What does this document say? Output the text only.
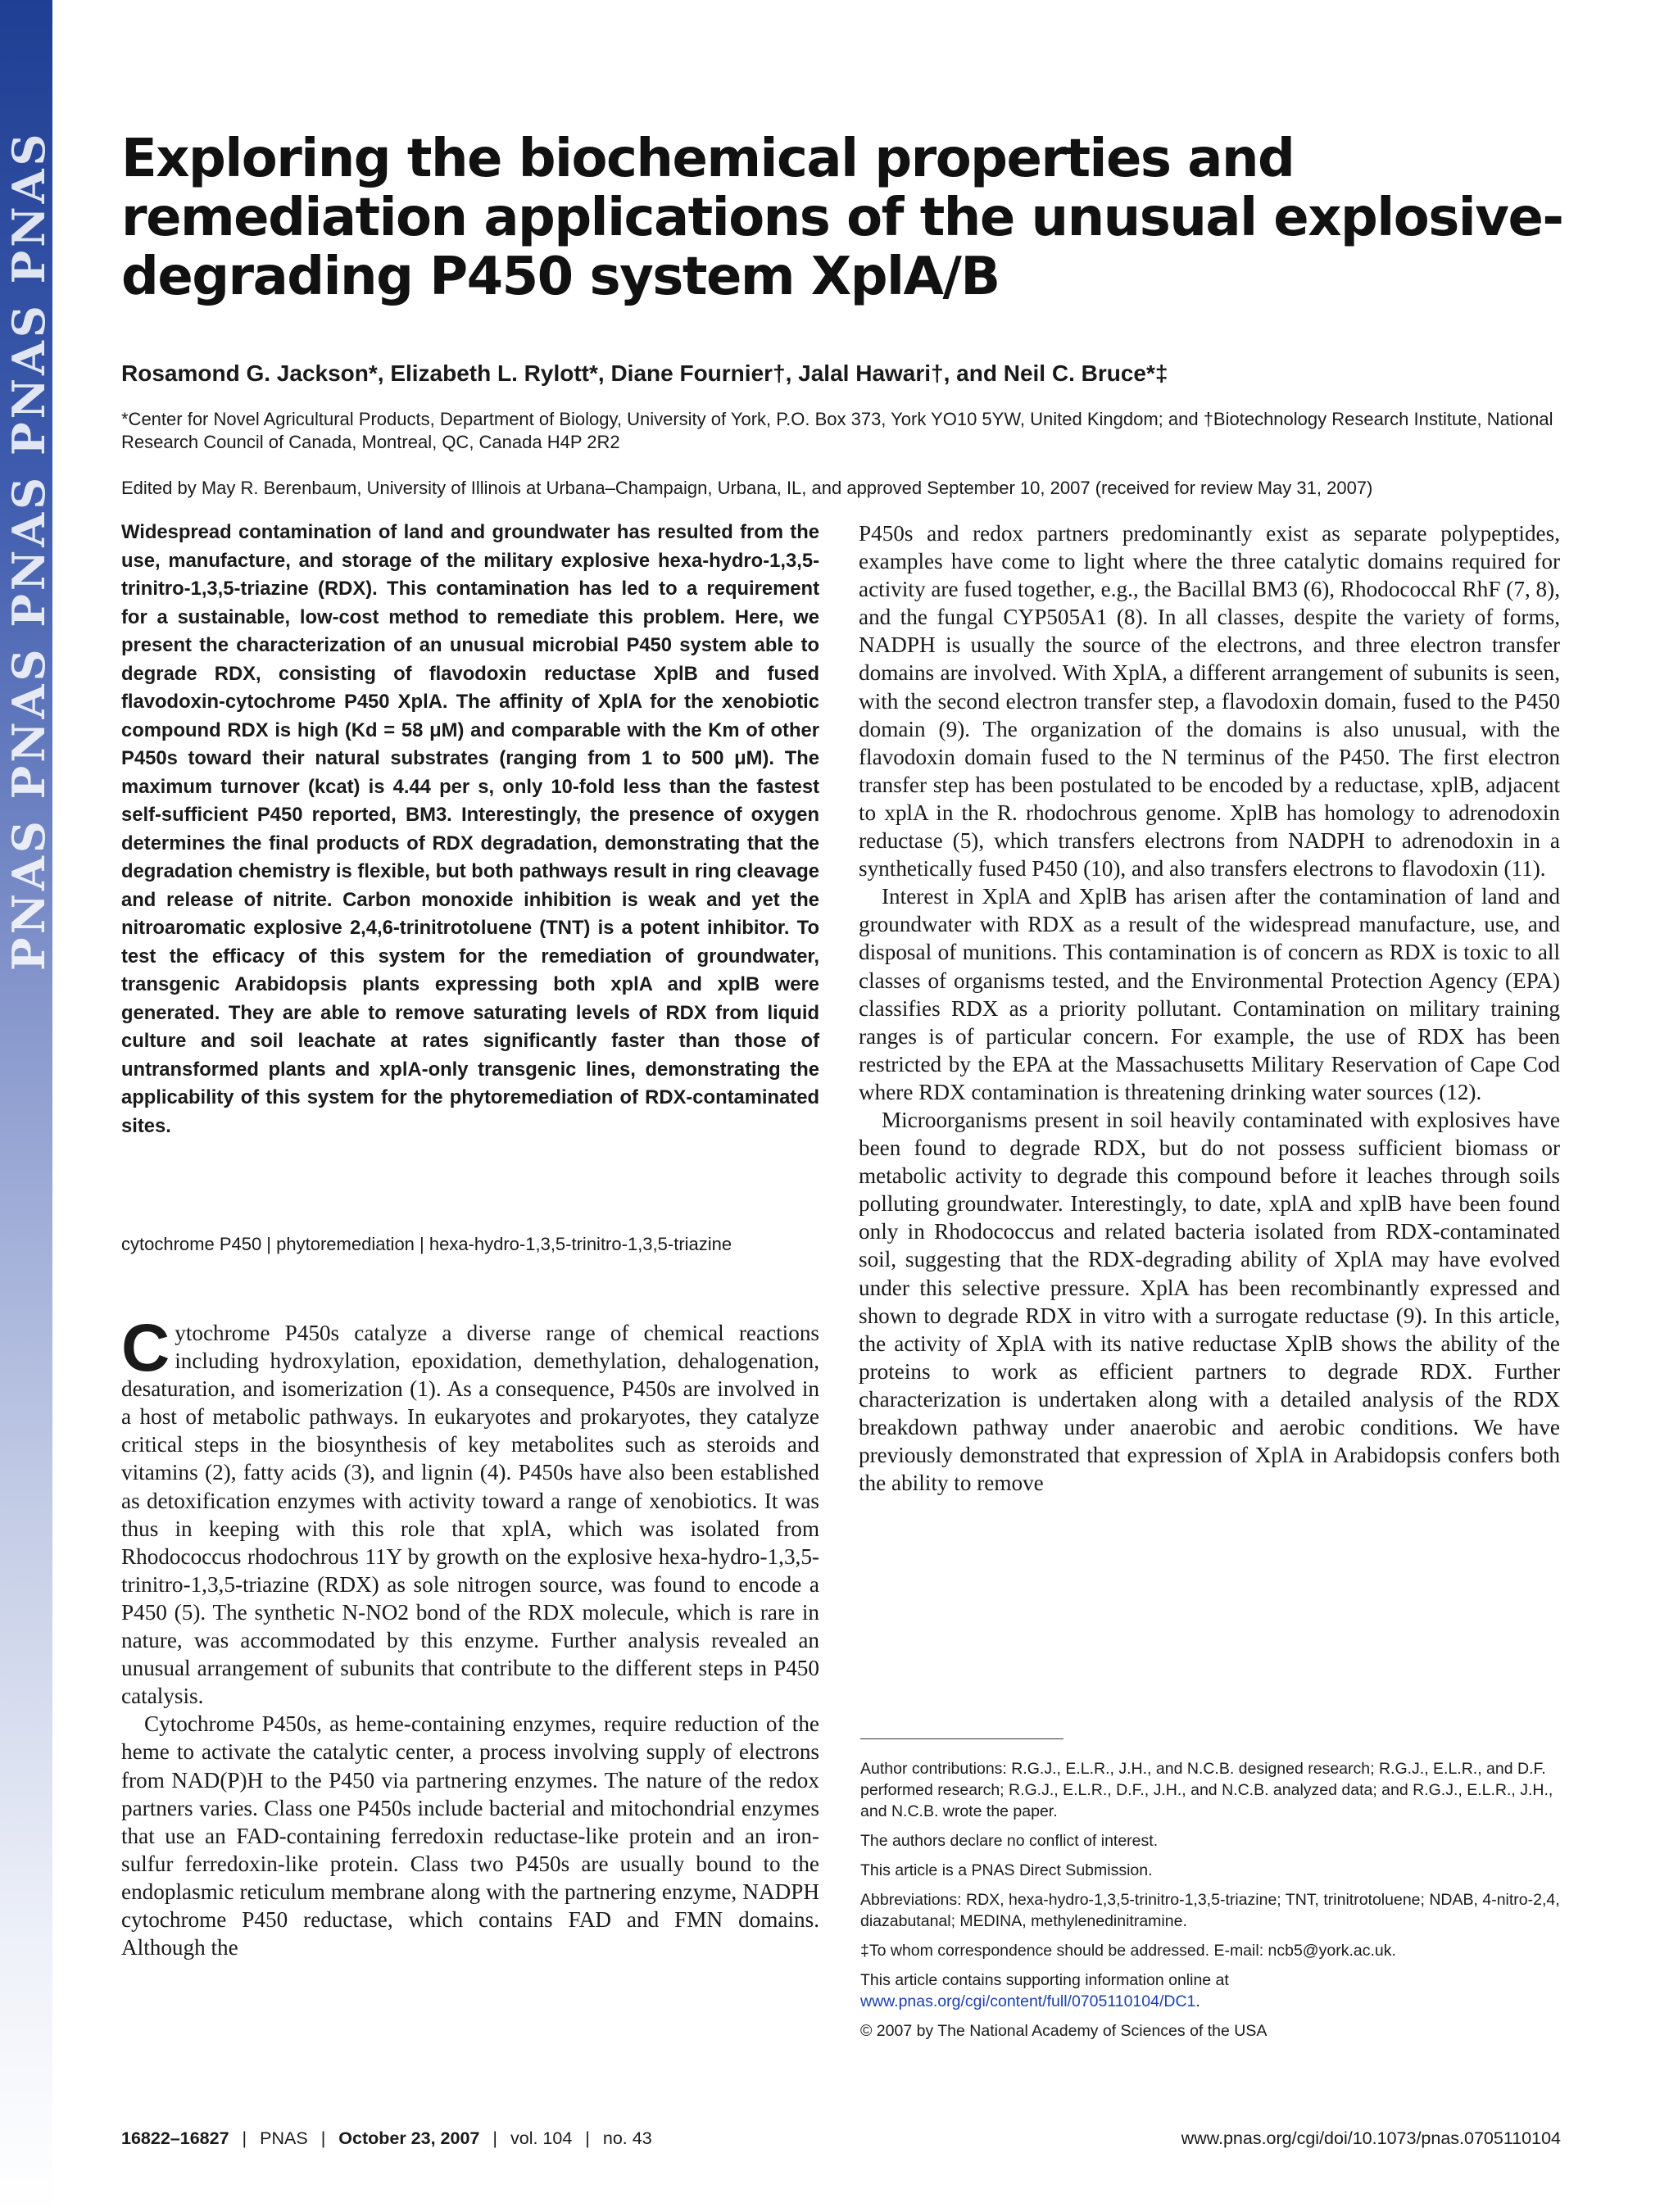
PNAS PNAS PNAS PNAS PNAS Exploring the biochemical properties and remediation applications of the unusual explosive-degrading P450 system XplA/B
Rosamond G. Jackson*, Elizabeth L. Rylott*, Diane Fournier†, Jalal Hawari†, and Neil C. Bruce*‡
*Center for Novel Agricultural Products, Department of Biology, University of York, P.O. Box 373, York YO10 5YW, United Kingdom; and †Biotechnology Research Institute, National Research Council of Canada, Montreal, QC, Canada H4P 2R2
Edited by May R. Berenbaum, University of Illinois at Urbana–Champaign, Urbana, IL, and approved September 10, 2007 (received for review May 31, 2007)
Widespread contamination of land and groundwater has resulted from the use, manufacture, and storage of the military explosive hexa-hydro-1,3,5-trinitro-1,3,5-triazine (RDX). This contamination has led to a requirement for a sustainable, low-cost method to remediate this problem. Here, we present the characterization of an unusual microbial P450 system able to degrade RDX, consisting of flavodoxin reductase XplB and fused flavodoxin-cytochrome P450 XplA. The affinity of XplA for the xenobiotic compound RDX is high (Kd = 58 μM) and comparable with the Km of other P450s toward their natural substrates (ranging from 1 to 500 μM). The maximum turnover (kcat) is 4.44 per s, only 10-fold less than the fastest self-sufficient P450 reported, BM3. Interestingly, the presence of oxygen determines the final products of RDX degradation, demonstrating that the degradation chemistry is flexible, but both pathways result in ring cleavage and release of nitrite. Carbon monoxide inhibition is weak and yet the nitroaromatic explosive 2,4,6-trinitrotoluene (TNT) is a potent inhibitor. To test the efficacy of this system for the remediation of groundwater, transgenic Arabidopsis plants expressing both xplA and xplB were generated. They are able to remove saturating levels of RDX from liquid culture and soil leachate at rates significantly faster than those of untransformed plants and xplA-only transgenic lines, demonstrating the applicability of this system for the phytoremediation of RDX-contaminated sites.
cytochrome P450 | phytoremediation | hexa-hydro-1,3,5-trinitro-1,3,5-triazine

Cytochrome P450s catalyze a diverse range of chemical reactions including hydroxylation, epoxidation, demethylation, dehalogenation, desaturation, and isomerization (1). As a consequence, P450s are involved in a host of metabolic pathways. In eukaryotes and prokaryotes, they catalyze critical steps in the biosynthesis of key metabolites such as steroids and vitamins (2), fatty acids (3), and lignin (4). P450s have also been established as detoxification enzymes with activity toward a range of xenobiotics. It was thus in keeping with this role that xplA, which was isolated from Rhodococcus rhodochrous 11Y by growth on the explosive hexa-hydro-1,3,5-trinitro-1,3,5-triazine (RDX) as sole nitrogen source, was found to encode a P450 (5). The synthetic N-NO2 bond of the RDX molecule, which is rare in nature, was accommodated by this enzyme. Further analysis revealed an unusual arrangement of subunits that contribute to the different steps in P450 catalysis.

Cytochrome P450s, as heme-containing enzymes, require reduction of the heme to activate the catalytic center, a process involving supply of electrons from NAD(P)H to the P450 via partnering enzymes. The nature of the redox partners varies. Class one P450s include bacterial and mitochondrial enzymes that use an FAD-containing ferredoxin reductase-like protein and an iron-sulfur ferredoxin-like protein. Class two P450s are usually bound to the endoplasmic reticulum membrane along with the partnering enzyme, NADPH cytochrome P450 reductase, which contains FAD and FMN domains. Although the

P450s and redox partners predominantly exist as separate polypeptides, examples have come to light where the three catalytic domains required for activity are fused together, e.g., the Bacillal BM3 (6), Rhodococcal RhF (7, 8), and the fungal CYP505A1 (8). In all classes, despite the variety of forms, NADPH is usually the source of the electrons, and three electron transfer domains are involved. With XplA, a different arrangement of subunits is seen, with the second electron transfer step, a flavodoxin domain, fused to the P450 domain (9). The organization of the domains is also unusual, with the flavodoxin domain fused to the N terminus of the P450. The first electron transfer step has been postulated to be encoded by a reductase, xplB, adjacent to xplA in the R. rhodochrous genome. XplB has homology to adrenodoxin reductase (5), which transfers electrons from NADPH to adrenodoxin in a synthetically fused P450 (10), and also transfers electrons to flavodoxin (11).

Interest in XplA and XplB has arisen after the contamination of land and groundwater with RDX as a result of the widespread manufacture, use, and disposal of munitions. This contamination is of concern as RDX is toxic to all classes of organisms tested, and the Environmental Protection Agency (EPA) classifies RDX as a priority pollutant. Contamination on military training ranges is of particular concern. For example, the use of RDX has been restricted by the EPA at the Massachusetts Military Reservation of Cape Cod where RDX contamination is threatening drinking water sources (12).

Microorganisms present in soil heavily contaminated with explosives have been found to degrade RDX, but do not possess sufficient biomass or metabolic activity to degrade this compound before it leaches through soils polluting groundwater. Interestingly, to date, xplA and xplB have been found only in Rhodococcus and related bacteria isolated from RDX-contaminated soil, suggesting that the RDX-degrading ability of XplA may have evolved under this selective pressure. XplA has been recombinantly expressed and shown to degrade RDX in vitro with a surrogate reductase (9). In this article, the activity of XplA with its native reductase XplB shows the ability of the proteins to work as efficient partners to degrade RDX. Further characterization is undertaken along with a detailed analysis of the RDX breakdown pathway under anaerobic and aerobic conditions. We have previously demonstrated that expression of XplA in Arabidopsis confers both the ability to remove

Author contributions: R.G.J., E.L.R., J.H., and N.C.B. designed research; R.G.J., E.L.R., and D.F. performed research; R.G.J., E.L.R., D.F., J.H., and N.C.B. analyzed data; and R.G.J., E.L.R., J.H., and N.C.B. wrote the paper.

The authors declare no conflict of interest.

This article is a PNAS Direct Submission.

Abbreviations: RDX, hexa-hydro-1,3,5-trinitro-1,3,5-triazine; TNT, trinitrotoluene; NDAB, 4-nitro-2,4, diazabutanal; MEDINA, methylenedinitramine.

‡To whom correspondence should be addressed. E-mail: ncb5@york.ac.uk.

This article contains supporting information online at www.pnas.org/cgi/content/full/0705110104/DC1.

© 2007 by The National Academy of Sciences of the USA

16822–16827 | PNAS | October 23, 2007 | vol. 104 | no. 43	www.pnas.org/cgi/doi/10.1073/pnas.0705110104
